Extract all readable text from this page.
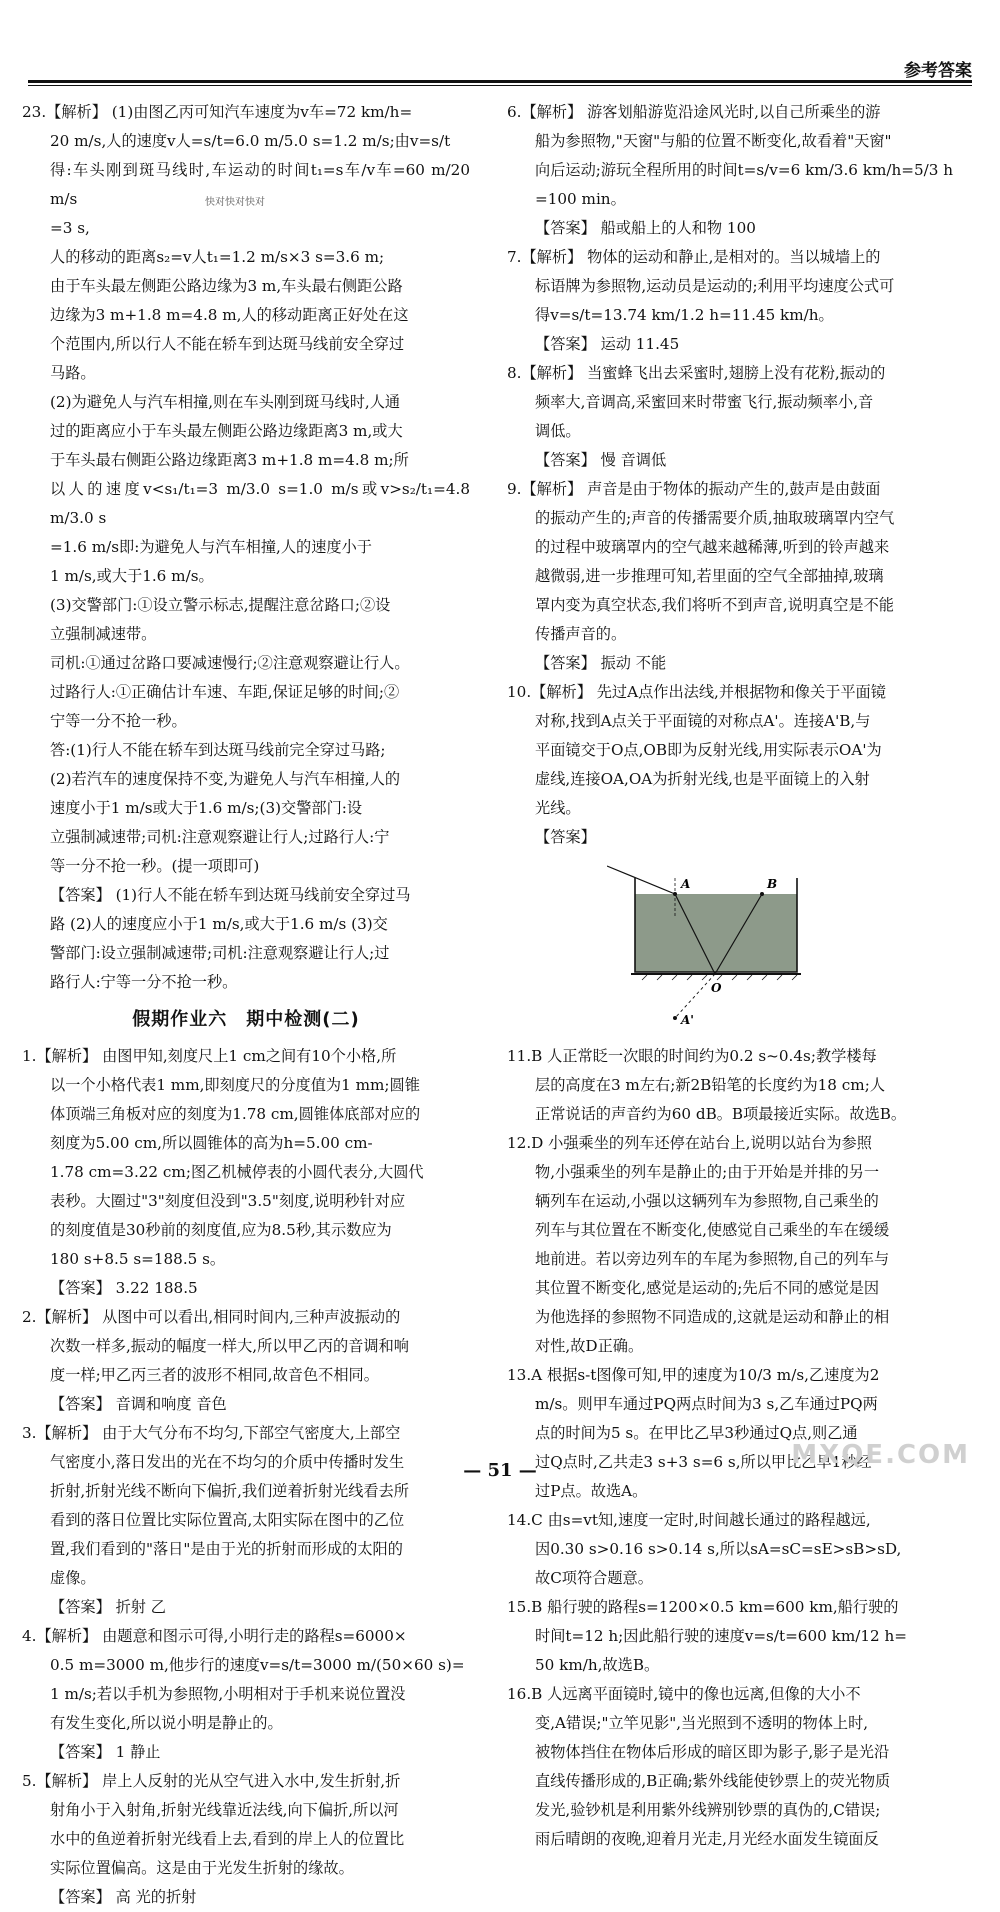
参考答案
快对快对快对

23.【解析】 (1)由图乙丙可知汽车速度为v车=72 km/h=

20 m/s,人的速度v人=s/t=6.0 m/5.0 s=1.2 m/s;由v=s/t

得:车头刚到斑马线时,车运动的时间t₁=s车/v车=60 m/20 m/s

=3 s,

人的移动的距离s₂=v人t₁=1.2 m/s×3 s=3.6 m;

由于车头最左侧距公路边缘为3 m,车头最右侧距公路

边缘为3 m+1.8 m=4.8 m,人的移动距离正好处在这

个范围内,所以行人不能在轿车到达斑马线前安全穿过

马路。

(2)为避免人与汽车相撞,则在车头刚到斑马线时,人通

过的距离应小于车头最左侧距公路边缘距离3 m,或大

于车头最右侧距公路边缘距离3 m+1.8 m=4.8 m;所

以人的速度v<s₁/t₁=3 m/3.0 s=1.0 m/s或v>s₂/t₁=4.8 m/3.0 s

=1.6 m/s即:为避免人与汽车相撞,人的速度小于

1 m/s,或大于1.6 m/s。

(3)交警部门:①设立警示标志,提醒注意岔路口;②设

立强制减速带。

司机:①通过岔路口要减速慢行;②注意观察避让行人。

过路行人:①正确估计车速、车距,保证足够的时间;②

宁等一分不抢一秒。

答:(1)行人不能在轿车到达斑马线前完全穿过马路;

(2)若汽车的速度保持不变,为避免人与汽车相撞,人的

速度小于1 m/s或大于1.6 m/s;(3)交警部门:设

立强制减速带;司机:注意观察避让行人;过路行人:宁

等一分不抢一秒。(提一项即可)

【答案】 (1)行人不能在轿车到达斑马线前安全穿过马

路 (2)人的速度应小于1 m/s,或大于1.6 m/s (3)交

警部门:设立强制减速带;司机:注意观察避让行人;过

路行人:宁等一分不抢一秒。

假期作业六　期中检测(二)

1.【解析】 由图甲知,刻度尺上1 cm之间有10个小格,所

以一个小格代表1 mm,即刻度尺的分度值为1 mm;圆锥

体顶端三角板对应的刻度为1.78 cm,圆锥体底部对应的

刻度为5.00 cm,所以圆锥体的高为h=5.00 cm-

1.78 cm=3.22 cm;图乙机械停表的小圆代表分,大圆代

表秒。大圈过"3"刻度但没到"3.5"刻度,说明秒针对应

的刻度值是30秒前的刻度值,应为8.5秒,其示数应为

180 s+8.5 s=188.5 s。

【答案】 3.22 188.5

2.【解析】 从图中可以看出,相同时间内,三种声波振动的

次数一样多,振动的幅度一样大,所以甲乙丙的音调和响

度一样;甲乙丙三者的波形不相同,故音色不相同。

【答案】 音调和响度 音色

3.【解析】 由于大气分布不均匀,下部空气密度大,上部空

气密度小,落日发出的光在不均匀的介质中传播时发生

折射,折射光线不断向下偏折,我们逆着折射光线看去所

看到的落日位置比实际位置高,太阳实际在图中的乙位

置,我们看到的"落日"是由于光的折射而形成的太阳的

虚像。

【答案】 折射 乙

4.【解析】 由题意和图示可得,小明行走的路程s=6000×

0.5 m=3000 m,他步行的速度v=s/t=3000 m/(50×60 s)=

1 m/s;若以手机为参照物,小明相对于手机来说位置没

有发生变化,所以说小明是静止的。

【答案】 1 静止

5.【解析】 岸上人反射的光从空气进入水中,发生折射,折

射角小于入射角,折射光线靠近法线,向下偏折,所以河

水中的鱼逆着折射光线看上去,看到的岸上人的位置比

实际位置偏高。这是由于光发生折射的缘故。

【答案】 高 光的折射

6.【解析】 游客划船游览沿途风光时,以自己所乘坐的游

船为参照物,"天窗"与船的位置不断变化,故看着"天窗"

向后运动;游玩全程所用的时间t=s/v=6 km/3.6 km/h=5/3 h

=100 min。

【答案】 船或船上的人和物 100

7.【解析】 物体的运动和静止,是相对的。当以城墙上的

标语牌为参照物,运动员是运动的;利用平均速度公式可

得v=s/t=13.74 km/1.2 h=11.45 km/h。

【答案】 运动 11.45

8.【解析】 当蜜蜂飞出去采蜜时,翅膀上没有花粉,振动的

频率大,音调高,采蜜回来时带蜜飞行,振动频率小,音

调低。

【答案】 慢 音调低

9.【解析】 声音是由于物体的振动产生的,鼓声是由鼓面

的振动产生的;声音的传播需要介质,抽取玻璃罩内空气

的过程中玻璃罩内的空气越来越稀薄,听到的铃声越来

越微弱,进一步推理可知,若里面的空气全部抽掉,玻璃

罩内变为真空状态,我们将听不到声音,说明真空是不能

传播声音的。

【答案】 振动 不能

10.【解析】 先过A点作出法线,并根据物和像关于平面镜

对称,找到A点关于平面镜的对称点A'。连接A'B,与

平面镜交于O点,OB即为反射光线,用实际表示OA'为

虚线,连接OA,OA为折射光线,也是平面镜上的入射

光线。

【答案】

A	B
O
A'

11.B 人正常眨一次眼的时间约为0.2 s~0.4s;教学楼每

层的高度在3 m左右;新2B铅笔的长度约为18 cm;人

正常说话的声音约为60 dB。B项最接近实际。故选B。

12.D 小强乘坐的列车还停在站台上,说明以站台为参照

物,小强乘坐的列车是静止的;由于开始是并排的另一

辆列车在运动,小强以这辆列车为参照物,自己乘坐的

列车与其位置在不断变化,使感觉自己乘坐的车在缓缓

地前进。若以旁边列车的车尾为参照物,自己的列车与

其位置不断变化,感觉是运动的;先后不同的感觉是因

为他选择的参照物不同造成的,这就是运动和静止的相

对性,故D正确。

13.A 根据s-t图像可知,甲的速度为10/3 m/s,乙速度为2

m/s。则甲车通过PQ两点时间为3 s,乙车通过PQ两

点的时间为5 s。在甲比乙早3秒通过Q点,则乙通

过Q点时,乙共走3 s+3 s=6 s,所以甲比乙早1秒经

过P点。故选A。

14.C 由s=vt知,速度一定时,时间越长通过的路程越远,

因0.30 s>0.16 s>0.14 s,所以sA=sC=sE>sB>sD,

故C项符合题意。

15.B 船行驶的路程s=1200×0.5 km=600 km,船行驶的

时间t=12 h;因此船行驶的速度v=s/t=600 km/12 h=

50 km/h,故选B。

16.B 人远离平面镜时,镜中的像也远离,但像的大小不

变,A错误;"立竿见影",当光照到不透明的物体上时,

被物体挡住在物体后形成的暗区即为影子,影子是光沿

直线传播形成的,B正确;紫外线能使钞票上的荧光物质

发光,验钞机是利用紫外线辨别钞票的真伪的,C错误;

雨后晴朗的夜晚,迎着月光走,月光经水面发生镜面反

— 51 —
MXQE.COM
